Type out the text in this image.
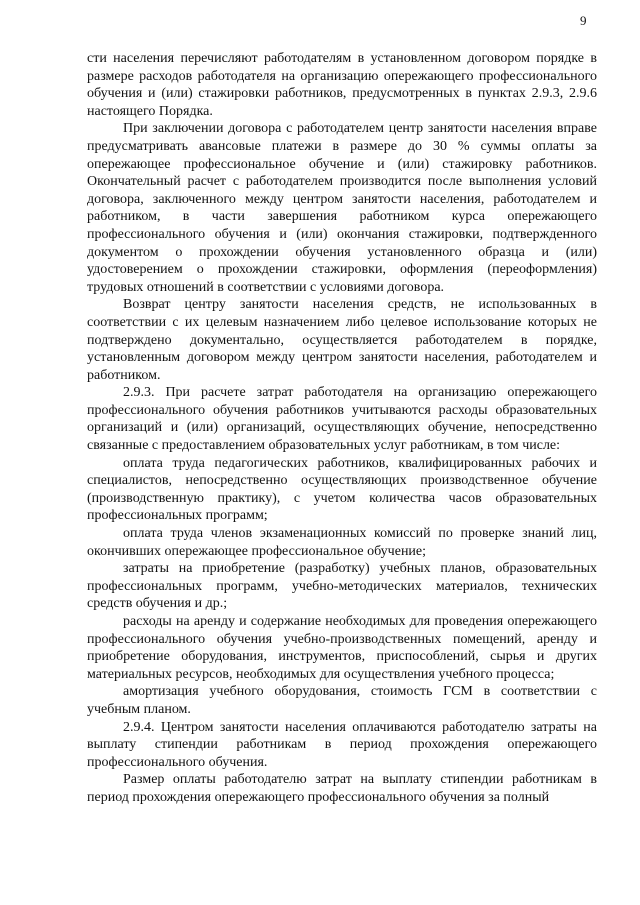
9

сти населения перечисляют работодателям в установленном договором порядке в размере расходов работодателя на организацию опережающего профессионального обучения и (или) стажировки работников, предусмотренных в пунктах 2.9.3, 2.9.6 настоящего Порядка.

При заключении договора с работодателем центр занятости населения вправе предусматривать авансовые платежи в размере до 30 % суммы оплаты за опережающее профессиональное обучение и (или) стажировку работников. Окончательный расчет с работодателем производится после выполнения условий договора, заключенного между центром занятости населения, работодателем и работником, в части завершения работником курса опережающего профессионального обучения и (или) окончания стажировки, подтвержденного документом о прохождении обучения установленного образца и (или) удостоверением о прохождении стажировки, оформления (переоформления) трудовых отношений в соответствии с условиями договора.

Возврат центру занятости населения средств, не использованных в соответствии с их целевым назначением либо целевое использование которых не подтверждено документально, осуществляется работодателем в порядке, установленным договором между центром занятости населения, работодателем и работником.

2.9.3. При расчете затрат работодателя на организацию опережающего профессионального обучения работников учитываются расходы образовательных организаций и (или) организаций, осуществляющих обучение, непосредственно связанные с предоставлением образовательных услуг работникам, в том числе:

оплата труда педагогических работников, квалифицированных рабочих и специалистов, непосредственно осуществляющих производственное обучение (производственную практику), с учетом количества часов образовательных профессиональных программ;

оплата труда членов экзаменационных комиссий по проверке знаний лиц, окончивших опережающее профессиональное обучение;

затраты на приобретение (разработку) учебных планов, образовательных профессиональных программ, учебно-методических материалов, технических средств обучения и др.;

расходы на аренду и содержание необходимых для проведения опережающего профессионального обучения учебно-производственных помещений, аренду и приобретение оборудования, инструментов, приспособлений, сырья и других материальных ресурсов, необходимых для осуществления учебного процесса;

амортизация учебного оборудования, стоимость ГСМ в соответствии с учебным планом.

2.9.4. Центром занятости населения оплачиваются работодателю затраты на выплату стипендии работникам в период прохождения опережающего профессионального обучения.

Размер оплаты работодателю затрат на выплату стипендии работникам в период прохождения опережающего профессионального обучения за полный
